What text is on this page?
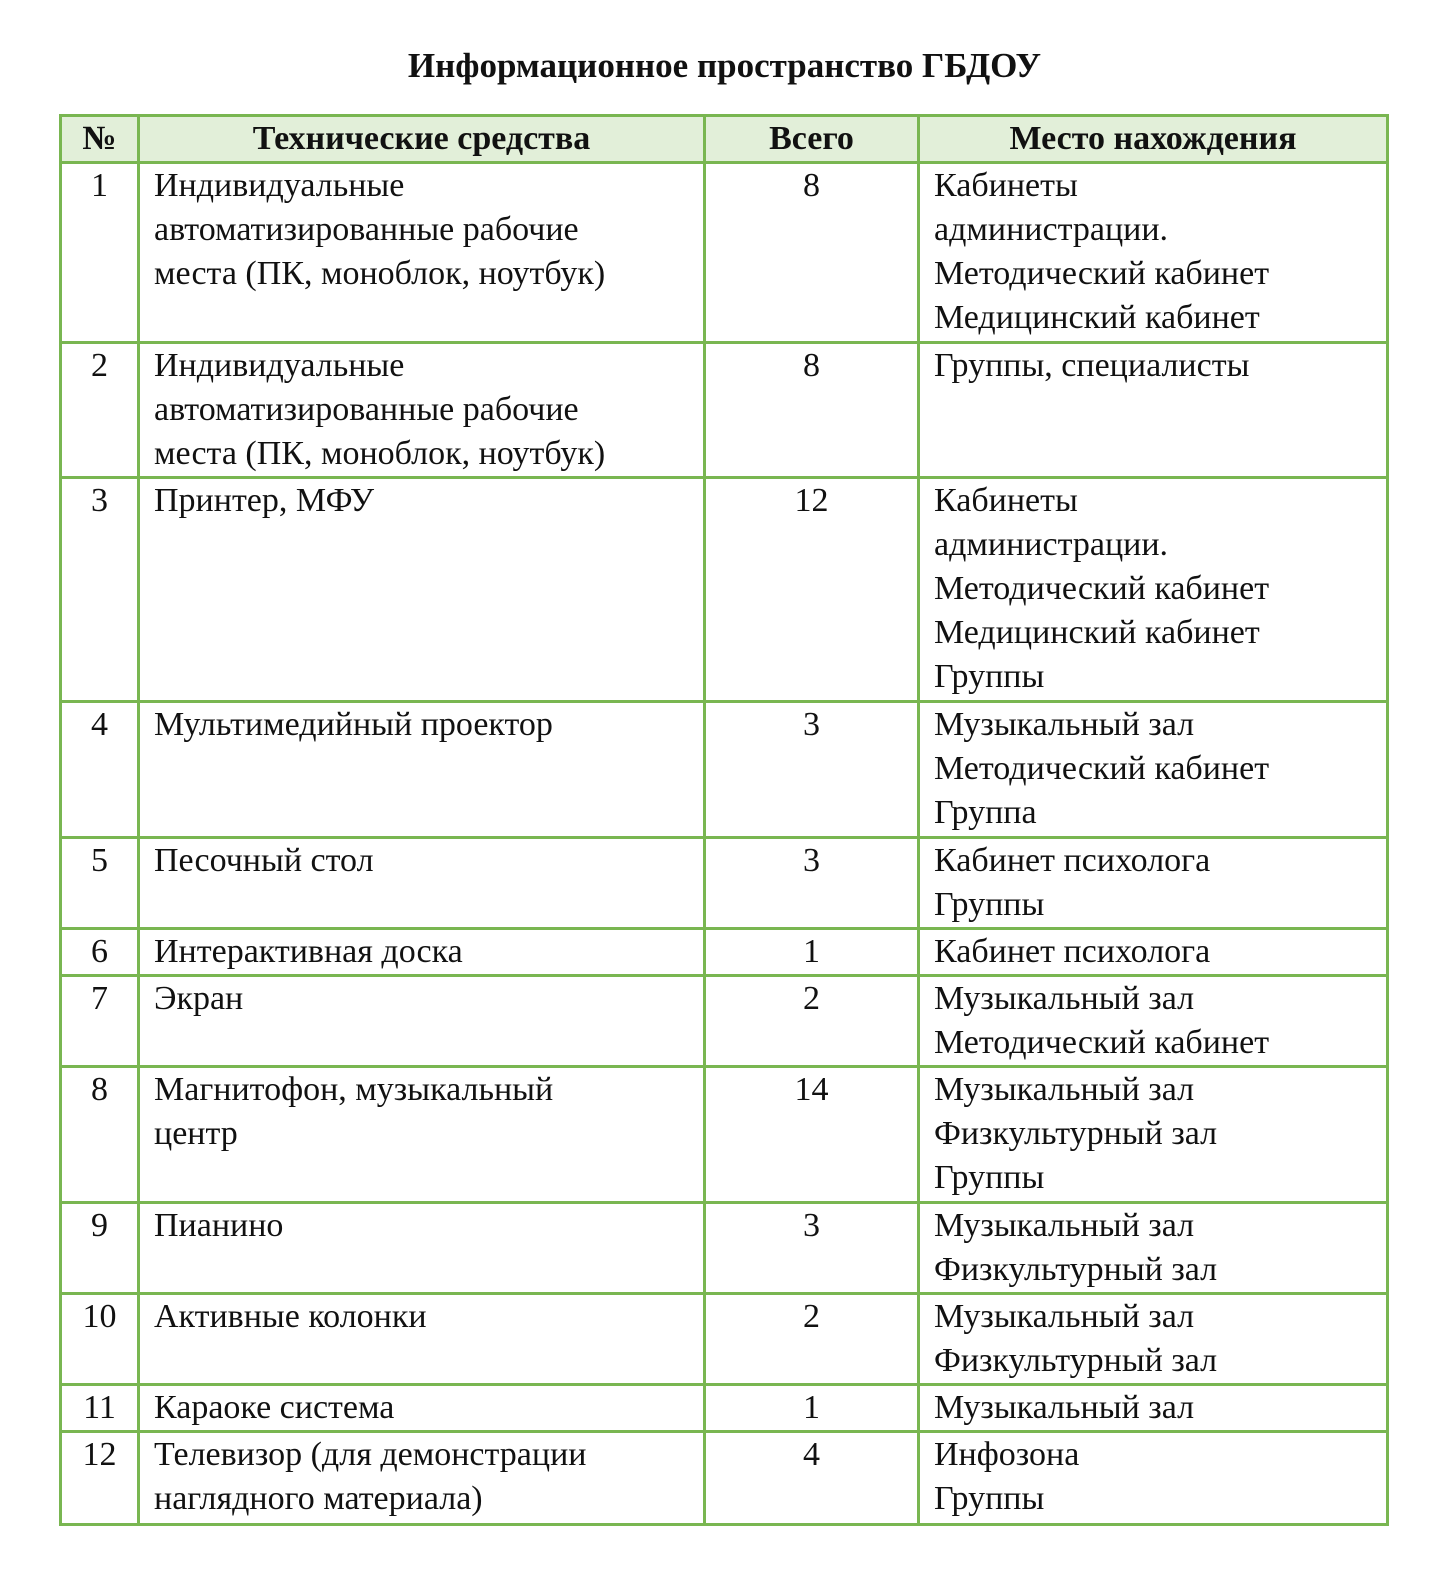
Информационное пространство ГБДОУ
№	Технические средства	Всего	Место нахождения
1	Индивидуальные
автоматизированные рабочие
места (ПК, моноблок, ноутбук)	8	Кабинеты
администрации.
Методический кабинет
Медицинский кабинет

2	Индивидуальные
автоматизированные рабочие
места (ПК, моноблок, ноутбук)	8	Группы, специалисты

3	Принтер, МФУ	12	Кабинеты
администрации.
Методический кабинет
Медицинский кабинет
Группы

4	Мультимедийный проектор	3	Музыкальный зал
Методический кабинет
Группа

5	Песочный стол	3	Кабинет психолога
Группы

6	Интерактивная доска	1	Кабинет психолога

7	Экран	2	Музыкальный зал
Методический кабинет

8	Магнитофон, музыкальный
центр	14	Музыкальный зал
Физкультурный зал
Группы

9	Пианино	3	Музыкальный зал
Физкультурный зал

10	Активные колонки	2	Музыкальный зал
Физкультурный зал

11	Караоке система	1	Музыкальный зал

12	Телевизор (для демонстрации
наглядного материала)	4	Инфозона
Группы
